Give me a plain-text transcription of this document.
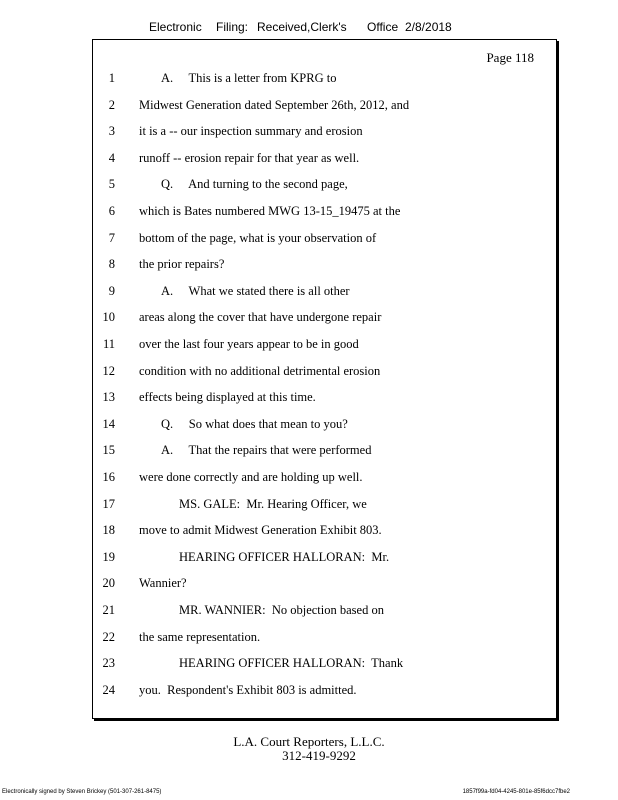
Electronic Filing: Received,Clerk's Office 2/8/2018
Page 118
1	A.     This is a letter from KPRG to
2 Midwest Generation dated September 26th, 2012, and
3 it is a -- our inspection summary and erosion
4 runoff -- erosion repair for that year as well.
5	Q.     And turning to the second page,
6 which is Bates numbered MWG 13-15_19475 at the
7 bottom of the page, what is your observation of
8 the prior repairs?
9	A.     What we stated there is all other
10 areas along the cover that have undergone repair
11 over the last four years appear to be in good
12 condition with no additional detrimental erosion
13 effects being displayed at this time.
14	Q.     So what does that mean to you?
15	A.     That the repairs that were performed
16 were done correctly and are holding up well.
17	MS. GALE:  Mr. Hearing Officer, we
18 move to admit Midwest Generation Exhibit 803.
19	HEARING OFFICER HALLORAN:  Mr.
20 Wannier?
21	MR. WANNIER:  No objection based on
22 the same representation.
23	HEARING OFFICER HALLORAN:  Thank
24 you.  Respondent's Exhibit 803 is admitted.
L.A. Court Reporters, L.L.C.
312-419-9292
Electronically signed by Steven Brickey (501-307-261-8475)	1857f99a-fd04-4245-801e-85f6dcc7fbe2
